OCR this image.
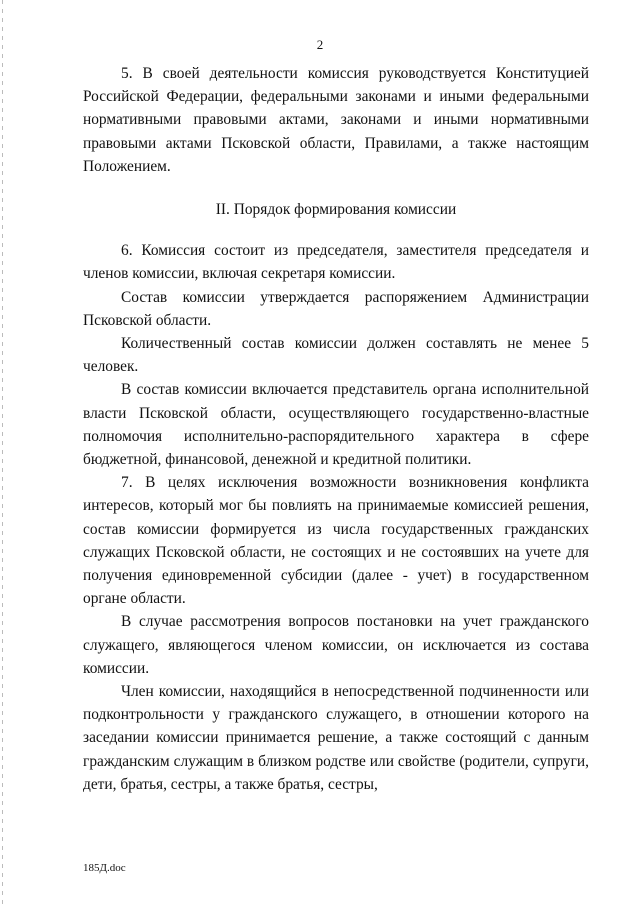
2

5. В своей деятельности комиссия руководствуется Конституцией Российской Федерации, федеральными законами и иными федеральными нормативными правовыми актами, законами и иными нормативными правовыми актами Псковской области, Правилами, а также настоящим Положением.

II. Порядок формирования комиссии

6. Комиссия состоит из председателя, заместителя председателя и членов комиссии, включая секретаря комиссии.

Состав комиссии утверждается распоряжением Администрации Псковской области.

Количественный состав комиссии должен составлять не менее 5 человек.

В состав комиссии включается представитель органа исполнительной власти Псковской области, осуществляющего государственно-властные полномочия исполнительно-распорядительного характера в сфере бюджетной, финансовой, денежной и кредитной политики.

7. В целях исключения возможности возникновения конфликта интересов, который мог бы повлиять на принимаемые комиссией решения, состав комиссии формируется из числа государственных гражданских служащих Псковской области, не состоящих и не состоявших на учете для получения единовременной субсидии (далее - учет) в государственном органе области.

В случае рассмотрения вопросов постановки на учет гражданского служащего, являющегося членом комиссии, он исключается из состава комиссии.

Член комиссии, находящийся в непосредственной подчиненности или подконтрольности у гражданского служащего, в отношении которого на заседании комиссии принимается решение, а также состоящий с данным гражданским служащим в близком родстве или свойстве (родители, супруги, дети, братья, сестры, а также братья, сестры,

185Д.doc
